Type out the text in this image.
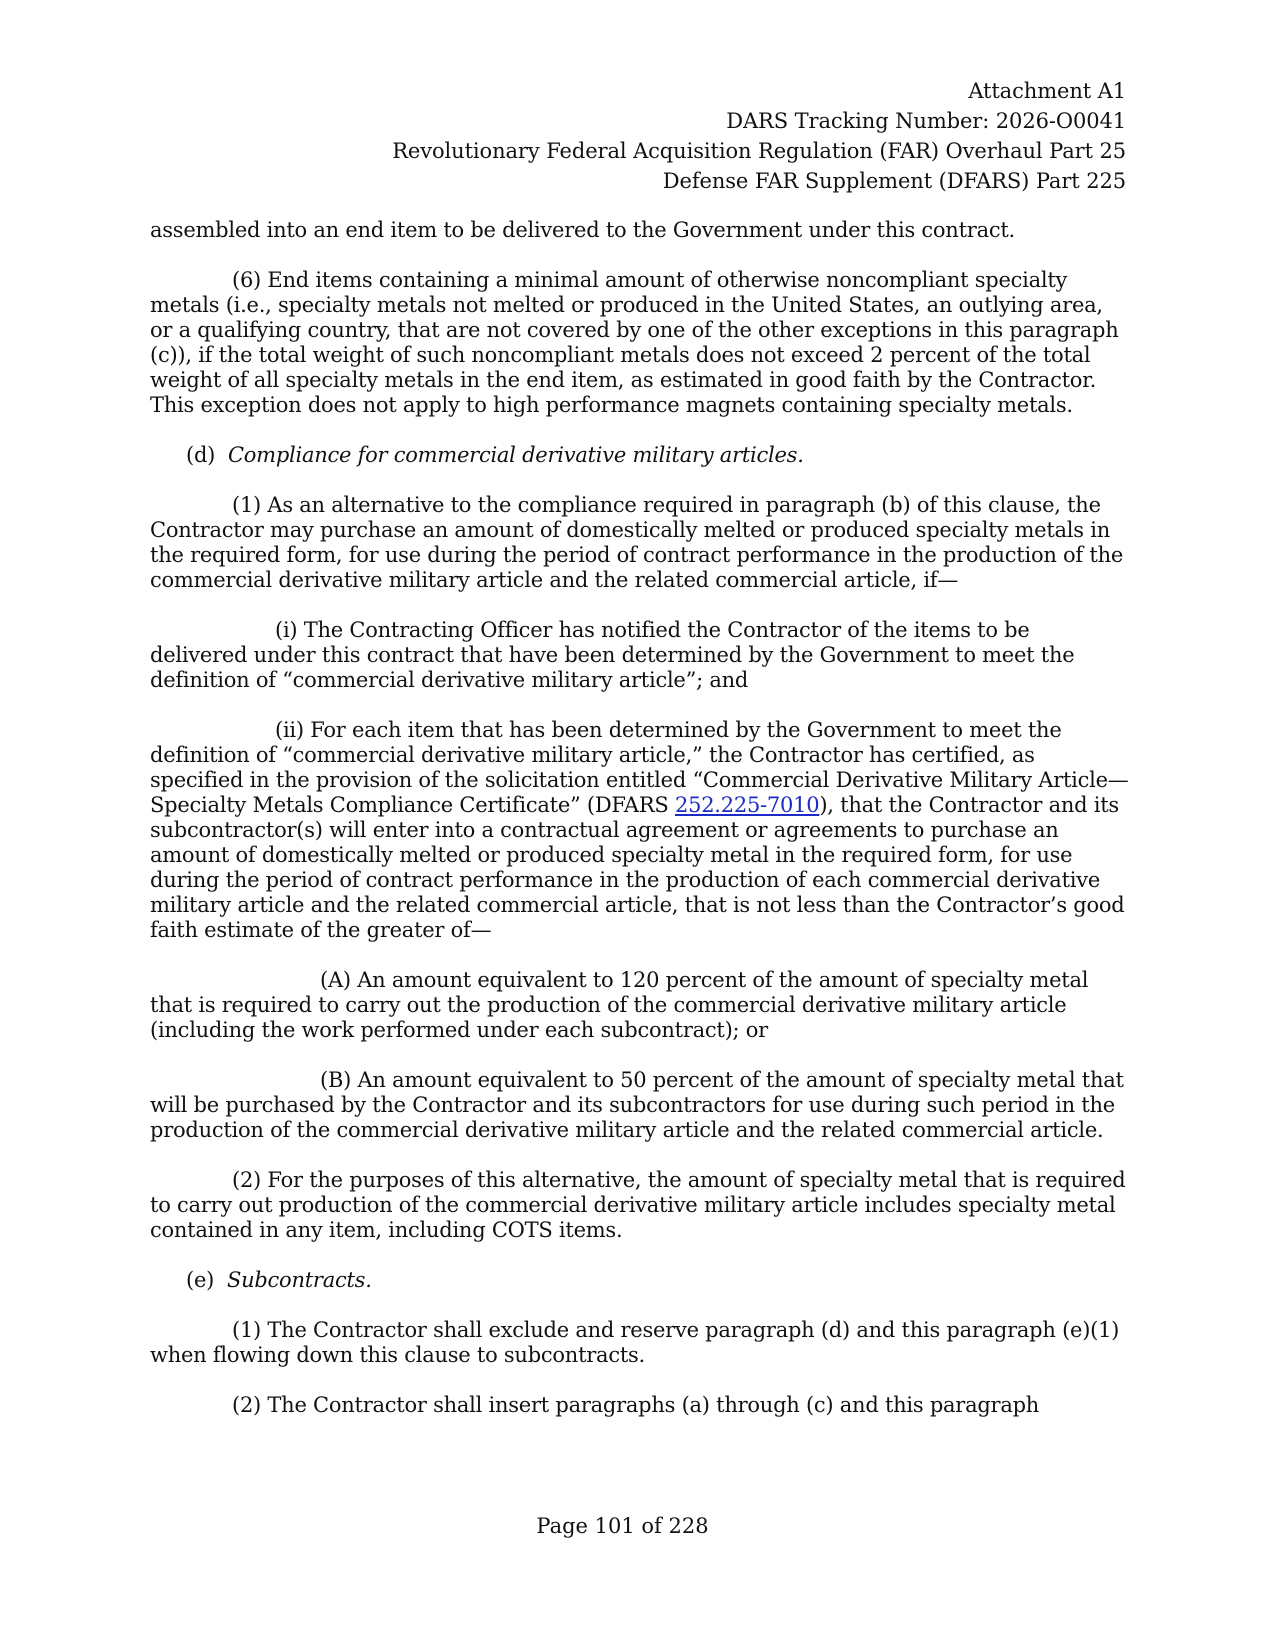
Attachment A1
DARS Tracking Number: 2026-O0041
Revolutionary Federal Acquisition Regulation (FAR) Overhaul Part 25
Defense FAR Supplement (DFARS) Part 225

assembled into an end item to be delivered to the Government under this contract.

(6) End items containing a minimal amount of otherwise noncompliant specialty metals (i.e., specialty metals not melted or produced in the United States, an outlying area, or a qualifying country, that are not covered by one of the other exceptions in this paragraph (c)), if the total weight of such noncompliant metals does not exceed 2 percent of the total weight of all specialty metals in the end item, as estimated in good faith by the Contractor. This exception does not apply to high performance magnets containing specialty metals.

(d) Compliance for commercial derivative military articles.

(1) As an alternative to the compliance required in paragraph (b) of this clause, the Contractor may purchase an amount of domestically melted or produced specialty metals in the required form, for use during the period of contract performance in the production of the commercial derivative military article and the related commercial article, if—

(i) The Contracting Officer has notified the Contractor of the items to be delivered under this contract that have been determined by the Government to meet the definition of “commercial derivative military article”; and

(ii) For each item that has been determined by the Government to meet the definition of “commercial derivative military article,” the Contractor has certified, as specified in the provision of the solicitation entitled “Commercial Derivative Military Article—Specialty Metals Compliance Certificate” (DFARS 252.225-7010), that the Contractor and its subcontractor(s) will enter into a contractual agreement or agreements to purchase an amount of domestically melted or produced specialty metal in the required form, for use during the period of contract performance in the production of each commercial derivative military article and the related commercial article, that is not less than the Contractor’s good faith estimate of the greater of—

(A) An amount equivalent to 120 percent of the amount of specialty metal that is required to carry out the production of the commercial derivative military article (including the work performed under each subcontract); or

(B) An amount equivalent to 50 percent of the amount of specialty metal that will be purchased by the Contractor and its subcontractors for use during such period in the production of the commercial derivative military article and the related commercial article.

(2) For the purposes of this alternative, the amount of specialty metal that is required to carry out production of the commercial derivative military article includes specialty metal contained in any item, including COTS items.

(e) Subcontracts.

(1) The Contractor shall exclude and reserve paragraph (d) and this paragraph (e)(1) when flowing down this clause to subcontracts.

(2) The Contractor shall insert paragraphs (a) through (c) and this paragraph

Page 101 of 228
